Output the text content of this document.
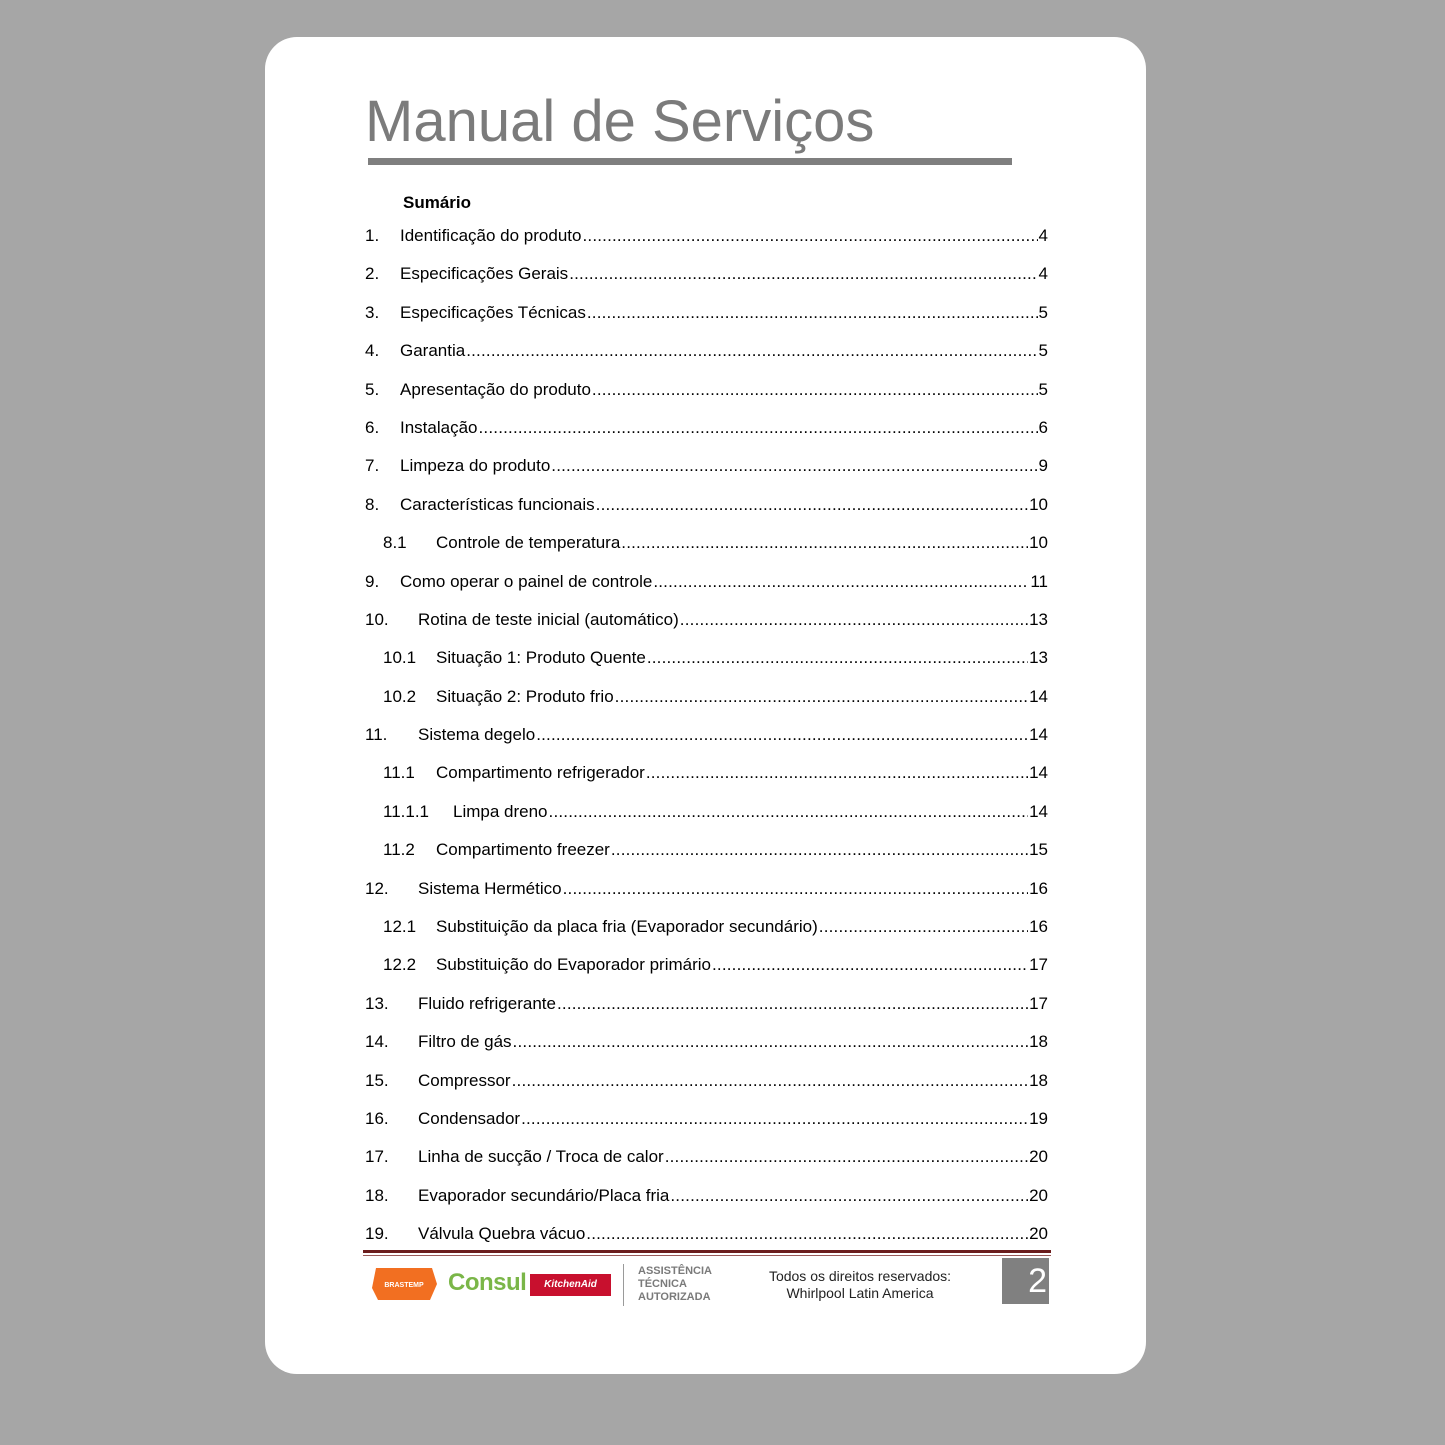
Manual de Serviços
Sumário
1. Identificação do produto .....	4
2. Especificações Gerais .....	4
3. Especificações Técnicas .....	5
4. Garantia .....	5
5. Apresentação do produto .....	5
6. Instalação .....	6
7. Limpeza do produto .....	9
8. Características funcionais .....	10
8.1 Controle de temperatura .....	10
9. Como operar o painel de controle .....	11
10. Rotina de teste inicial (automático) .....	13
10.1 Situação 1: Produto Quente .....	13
10.2 Situação 2: Produto frio .....	14
11. Sistema degelo .....	14
11.1 Compartimento refrigerador .....	14
11.1.1 Limpa dreno .....	14
11.2 Compartimento freezer .....	15
12. Sistema Hermético .....	16
12.1 Substituição da placa fria (Evaporador secundário) .....	16
12.2 Substituição do Evaporador primário .....	17
13. Fluido refrigerante .....	17
14. Filtro de gás .....	18
15. Compressor .....	18
16. Condensador .....	19
17. Linha de sucção / Troca de calor .....	20
18. Evaporador secundário/Placa fria .....	20
19. Válvula Quebra vácuo .....	20
BRASTEMP Consul	KitchenAid
ASSISTÊNCIA
TÉCNICA
AUTORIZADA
Todos os direitos reservados:
Whirlpool Latin America	2
